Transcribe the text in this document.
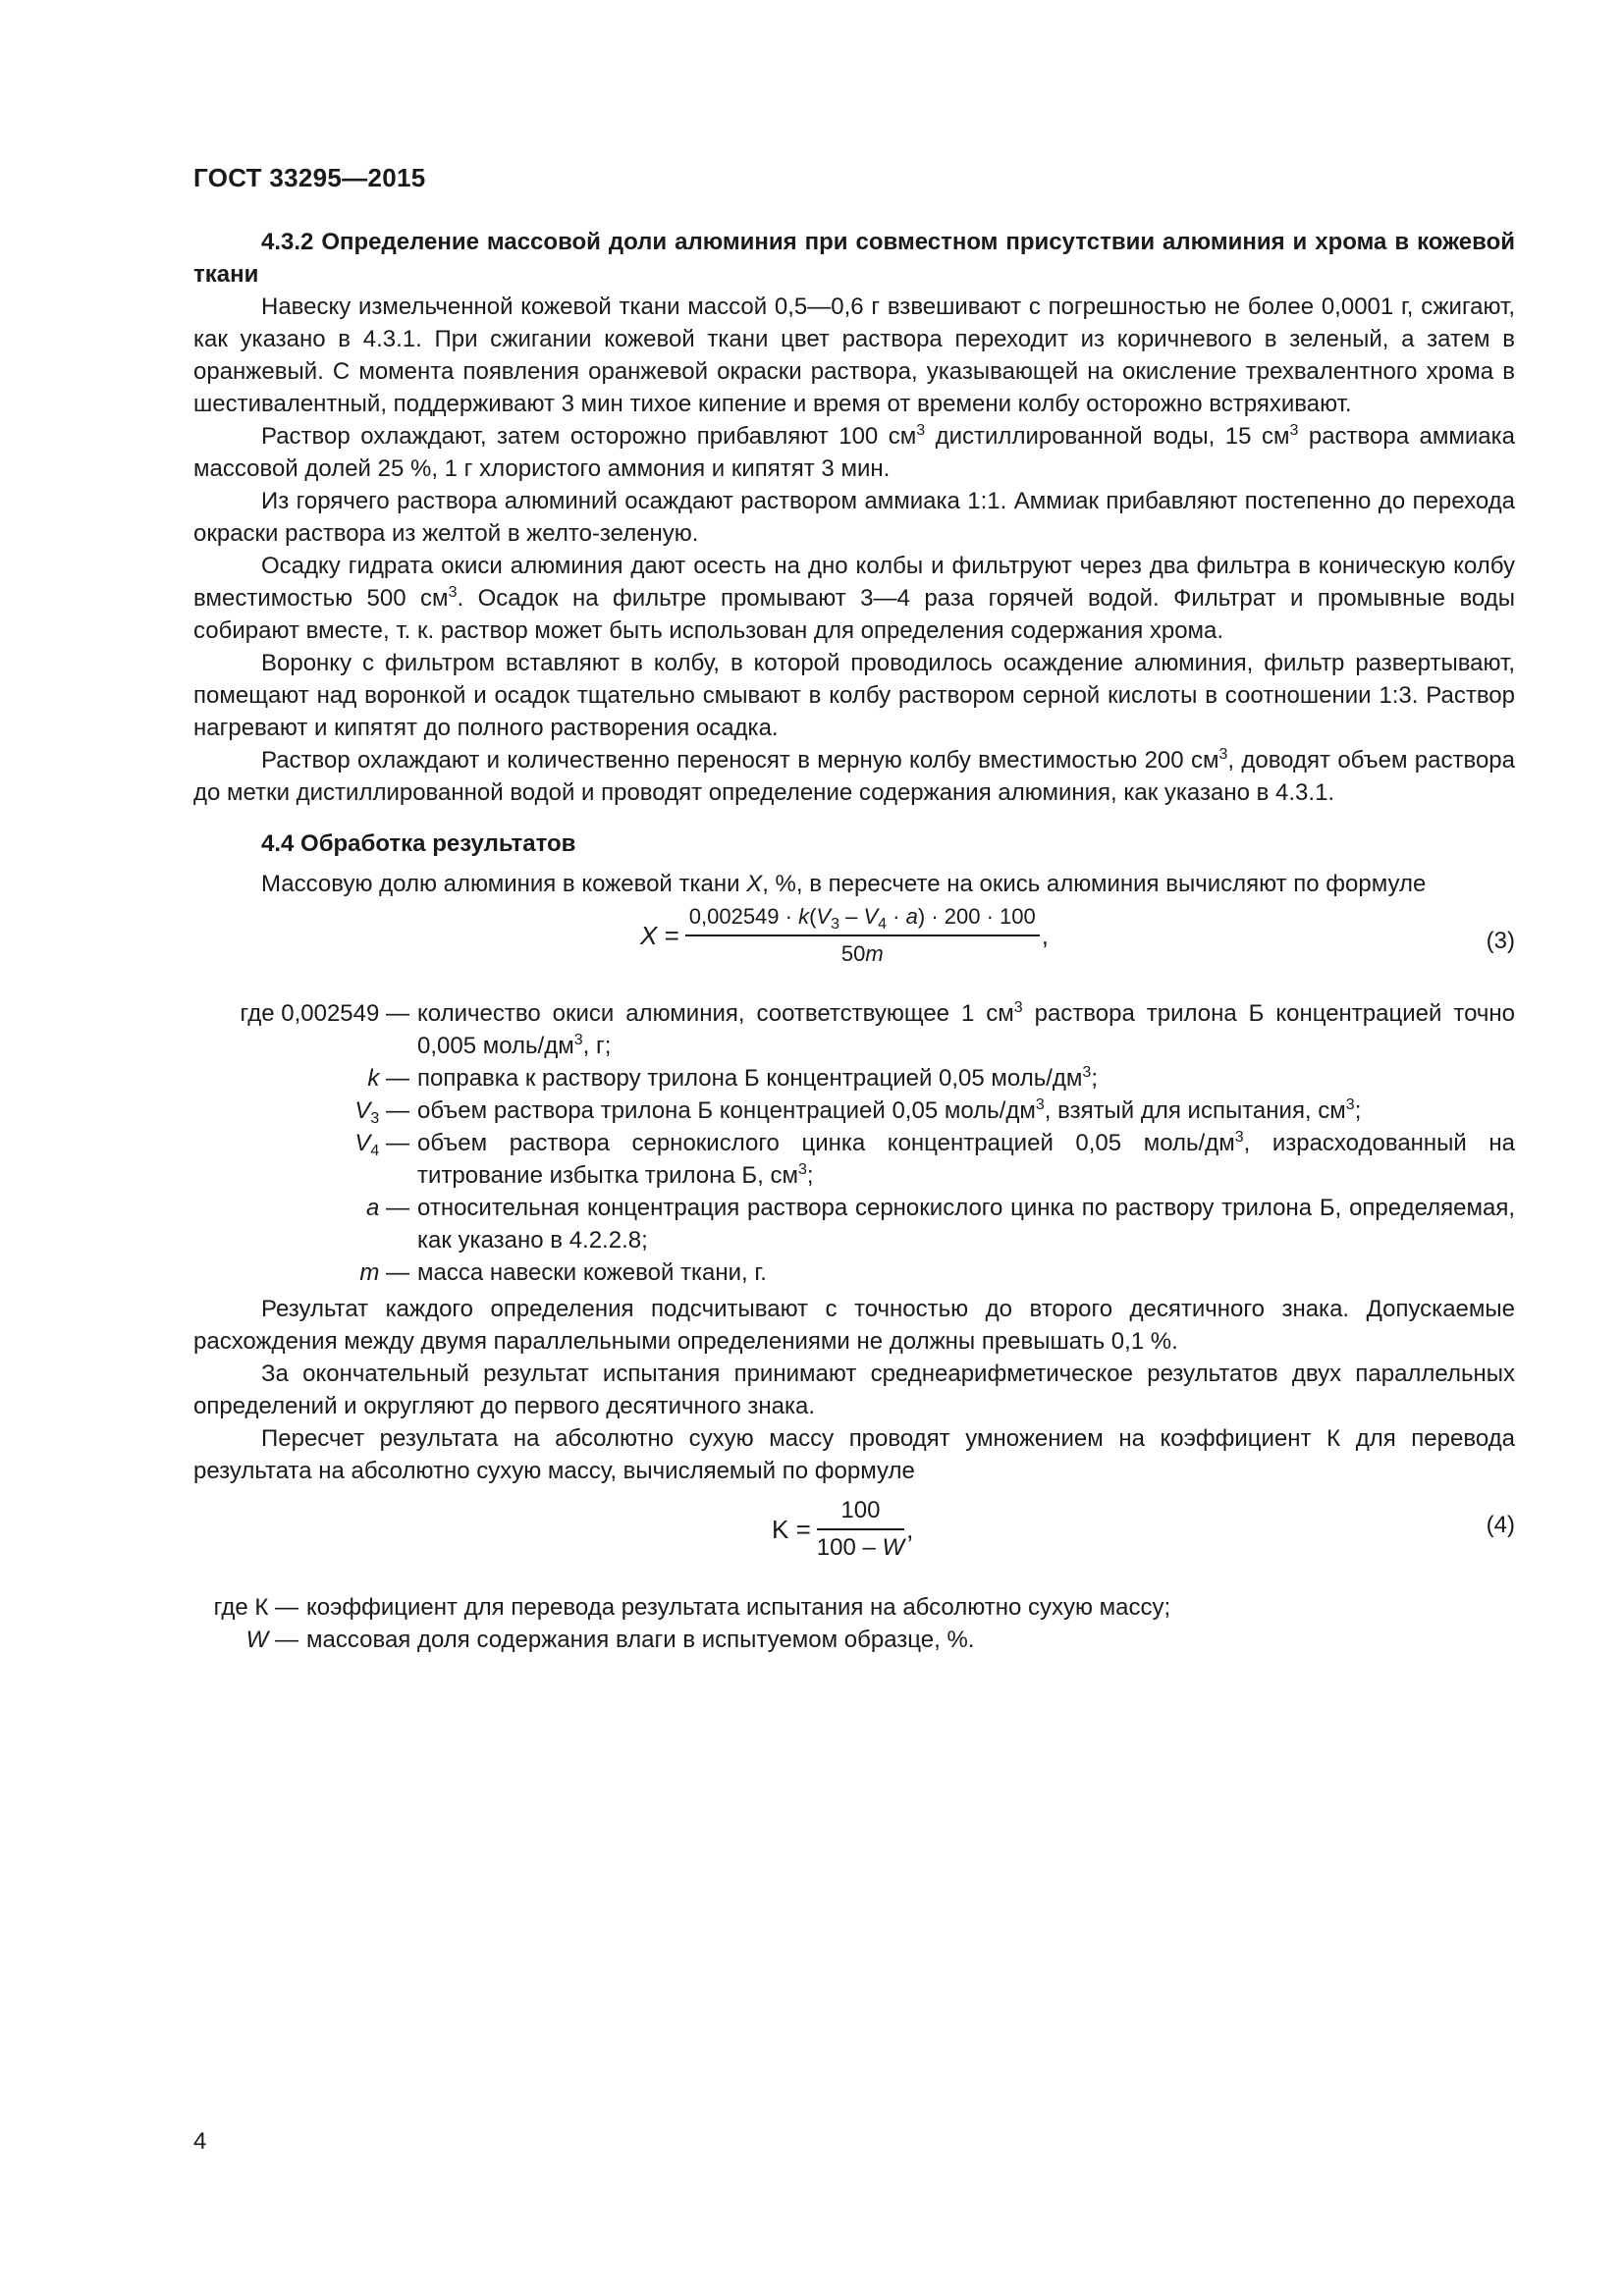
ГОСТ 33295—2015

4.3.2 Определение массовой доли алюминия при совместном присутствии алюминия и хрома в кожевой ткани

Навеску измельченной кожевой ткани массой 0,5—0,6 г взвешивают с погрешностью не более 0,0001 г, сжигают, как указано в 4.3.1. При сжигании кожевой ткани цвет раствора переходит из коричневого в зеленый, а затем в оранжевый. С момента появления оранжевой окраски раствора, указывающей на окисление трехвалентного хрома в шестивалентный, поддерживают 3 мин тихое кипение и время от времени колбу осторожно встряхивают.

Раствор охлаждают, затем осторожно прибавляют 100 $см^3$ дистиллированной воды, 15 $см^3$ раствора аммиака массовой долей 25 %, 1 г хлористого аммония и кипятят 3 мин.

Из горячего раствора алюминий осаждают раствором аммиака 1:1. Аммиак прибавляют постепенно до перехода окраски раствора из желтой в желто-зеленую.

Осадку гидрата окиси алюминия дают осесть на дно колбы и фильтруют через два фильтра в коническую колбу вместимостью 500 $см^3$. Осадок на фильтре промывают 3—4 раза горячей водой. Фильтрат и промывные воды собирают вместе, т. к. раствор может быть использован для определения содержания хрома.

Воронку с фильтром вставляют в колбу, в которой проводилось осаждение алюминия, фильтр развертывают, помещают над воронкой и осадок тщательно смывают в колбу раствором серной кислоты в соотношении 1:3. Раствор нагревают и кипятят до полного растворения осадка.

Раствор охлаждают и количественно переносят в мерную колбу вместимостью 200 $см^3$, доводят объем раствора до метки дистиллированной водой и проводят определение содержания алюминия, как указано в 4.3.1.

4.4 Обработка результатов

Массовую долю алюминия в кожевой ткани X, %, в пересчете на окись алюминия вычисляют по формуле

$X = \frac{0,002549 \cdot k(V_3 - V_4 \cdot a) \cdot 200 \cdot 100}{50m}$ ,	(3)
где 0,002549 — количество окиси алюминия, соответствующее 1 $см^3$ раствора трилона Б концентрацией точно 0,005 моль/$дм^3$, г;
k — поправка к раствору трилона Б концентрацией 0,05 моль/$дм^3$;
$V_3$ — объем раствора трилона Б концентрацией 0,05 моль/$дм^3$, взятый для испытания, $см^3$;
$V_4$ — объем раствора сернокислого цинка концентрацией 0,05 моль/$дм^3$, израсходованный на титрование избытка трилона Б, $см^3$;
a — относительная концентрация раствора сернокислого цинка по раствору трилона Б, определяемая, как указано в 4.2.2.8;
m — масса навески кожевой ткани, г.

Результат каждого определения подсчитывают с точностью до второго десятичного знака. Допускаемые расхождения между двумя параллельными определениями не должны превышать 0,1 %.

За окончательный результат испытания принимают среднеарифметическое результатов двух параллельных определений и округляют до первого десятичного знака.

Пересчет результата на абсолютно сухую массу проводят умножением на коэффициент К для перевода результата на абсолютно сухую массу, вычисляемый по формуле

$K = \frac{100}{100 - W}$ ,	(4)
где К — коэффициент для перевода результата испытания на абсолютно сухую массу;
W — массовая доля содержания влаги в испытуемом образце, %.
4
